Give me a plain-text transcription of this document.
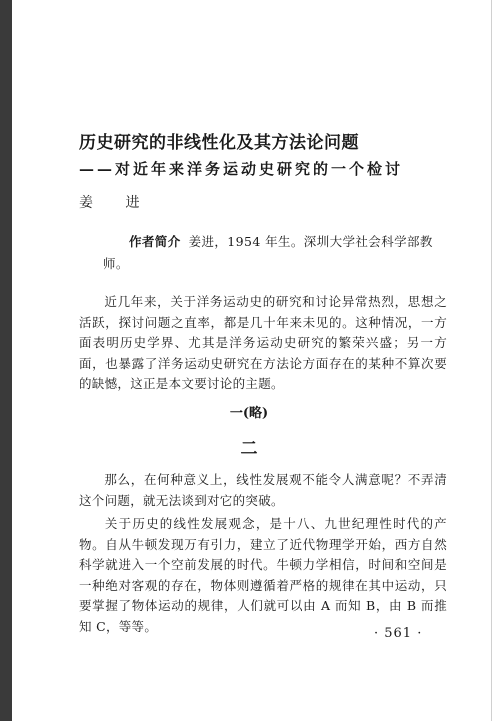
历史研究的非线性化及其方法论问题
——对近年来洋务运动史研究的一个检讨
姜 进
作者简介 姜进，1954 年生。深圳大学社会科学部教
师。
近几年来，关于洋务运动史的研究和讨论异常热烈，思想之活跃，探讨问题之直率，都是几十年来未见的。这种情况，一方面表明历史学界、尤其是洋务运动史研究的繁荣兴盛；另一方面，也暴露了洋务运动史研究在方法论方面存在的某种不算次要的缺憾，这正是本文要讨论的主题。
一(略)
二
那么，在何种意义上，线性发展观不能令人满意呢？不弄清这个问题，就无法谈到对它的突破。
关于历史的线性发展观念，是十八、九世纪理性时代的产物。自从牛顿发现万有引力，建立了近代物理学开始，西方自然科学就进入一个空前发展的时代。牛顿力学相信，时间和空间是一种绝对客观的存在，物体则遵循着严格的规律在其中运动，只要掌握了物体运动的规律，人们就可以由 A 而知 B，由 B 而推知 C，等等。	· 561 ·
